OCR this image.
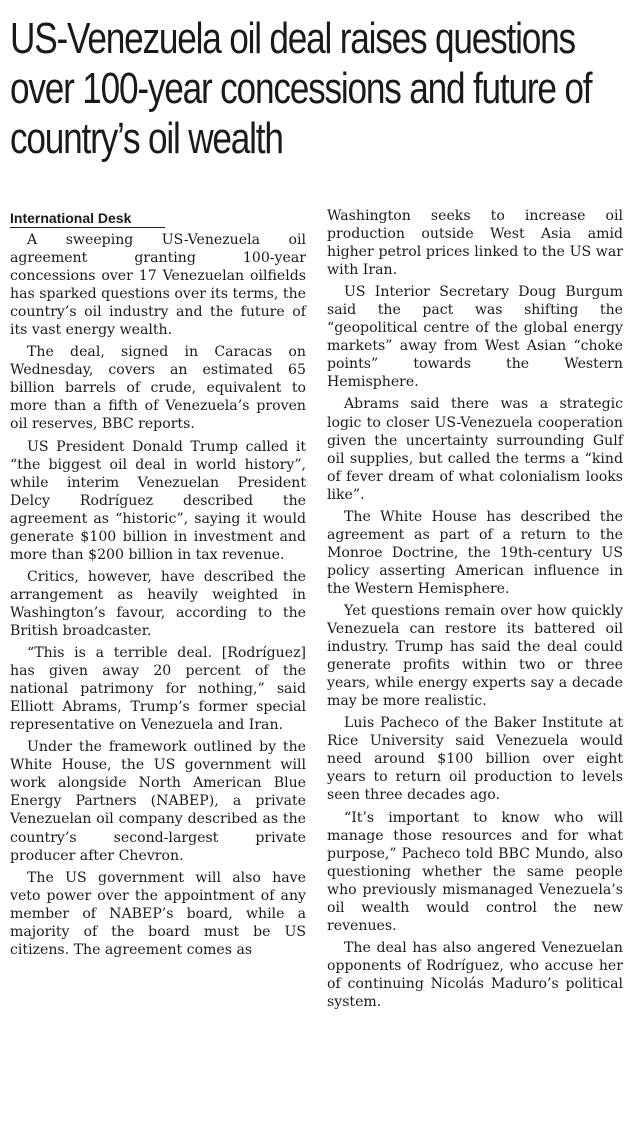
US-Venezuela oil deal raises questions over 100-year concessions and future of country’s oil wealth
International Desk

A sweeping US-Venezuela oil agreement granting 100-year concessions over 17 Venezuelan oilfields has sparked questions over its terms, the country’s oil industry and the future of its vast energy wealth.

The deal, signed in Caracas on Wednesday, covers an estimated 65 billion barrels of crude, equivalent to more than a fifth of Venezuela’s proven oil reserves, BBC reports.

US President Donald Trump called it “the biggest oil deal in world history”, while interim Venezuelan President Delcy Rodríguez described the agreement as “historic”, saying it would generate $100 billion in investment and more than $200 billion in tax revenue.

Critics, however, have described the arrangement as heavily weighted in Washington’s favour, according to the British broadcaster.

“This is a terrible deal. [Rodríguez] has given away 20 percent of the national patrimony for nothing,” said Elliott Abrams, Trump’s former special representative on Venezuela and Iran.

Under the framework outlined by the White House, the US government will work alongside North American Blue Energy Partners (NABEP), a private Venezuelan oil company described as the country’s second-largest private producer after Chevron.

The US government will also have veto power over the appointment of any member of NABEP’s board, while a majority of the board must be US citizens. The agreement comes as

Washington seeks to increase oil production outside West Asia amid higher petrol prices linked to the US war with Iran.

US Interior Secretary Doug Burgum said the pact was shifting the “geopolitical centre of the global energy markets” away from West Asian “choke points” towards the Western Hemisphere.

Abrams said there was a strategic logic to closer US-Venezuela cooperation given the uncertainty surrounding Gulf oil supplies, but called the terms a “kind of fever dream of what colonialism looks like”.

The White House has described the agreement as part of a return to the Monroe Doctrine, the 19th-century US policy asserting American influence in the Western Hemisphere.

Yet questions remain over how quickly Venezuela can restore its battered oil industry. Trump has said the deal could generate profits within two or three years, while energy experts say a decade may be more realistic.

Luis Pacheco of the Baker Institute at Rice University said Venezuela would need around $100 billion over eight years to return oil production to levels seen three decades ago.

“It’s important to know who will manage those resources and for what purpose,” Pacheco told BBC Mundo, also questioning whether the same people who previously mismanaged Venezuela’s oil wealth would control the new revenues.

The deal has also angered Venezuelan opponents of Rodríguez, who accuse her of continuing Nicolás Maduro’s political system.
